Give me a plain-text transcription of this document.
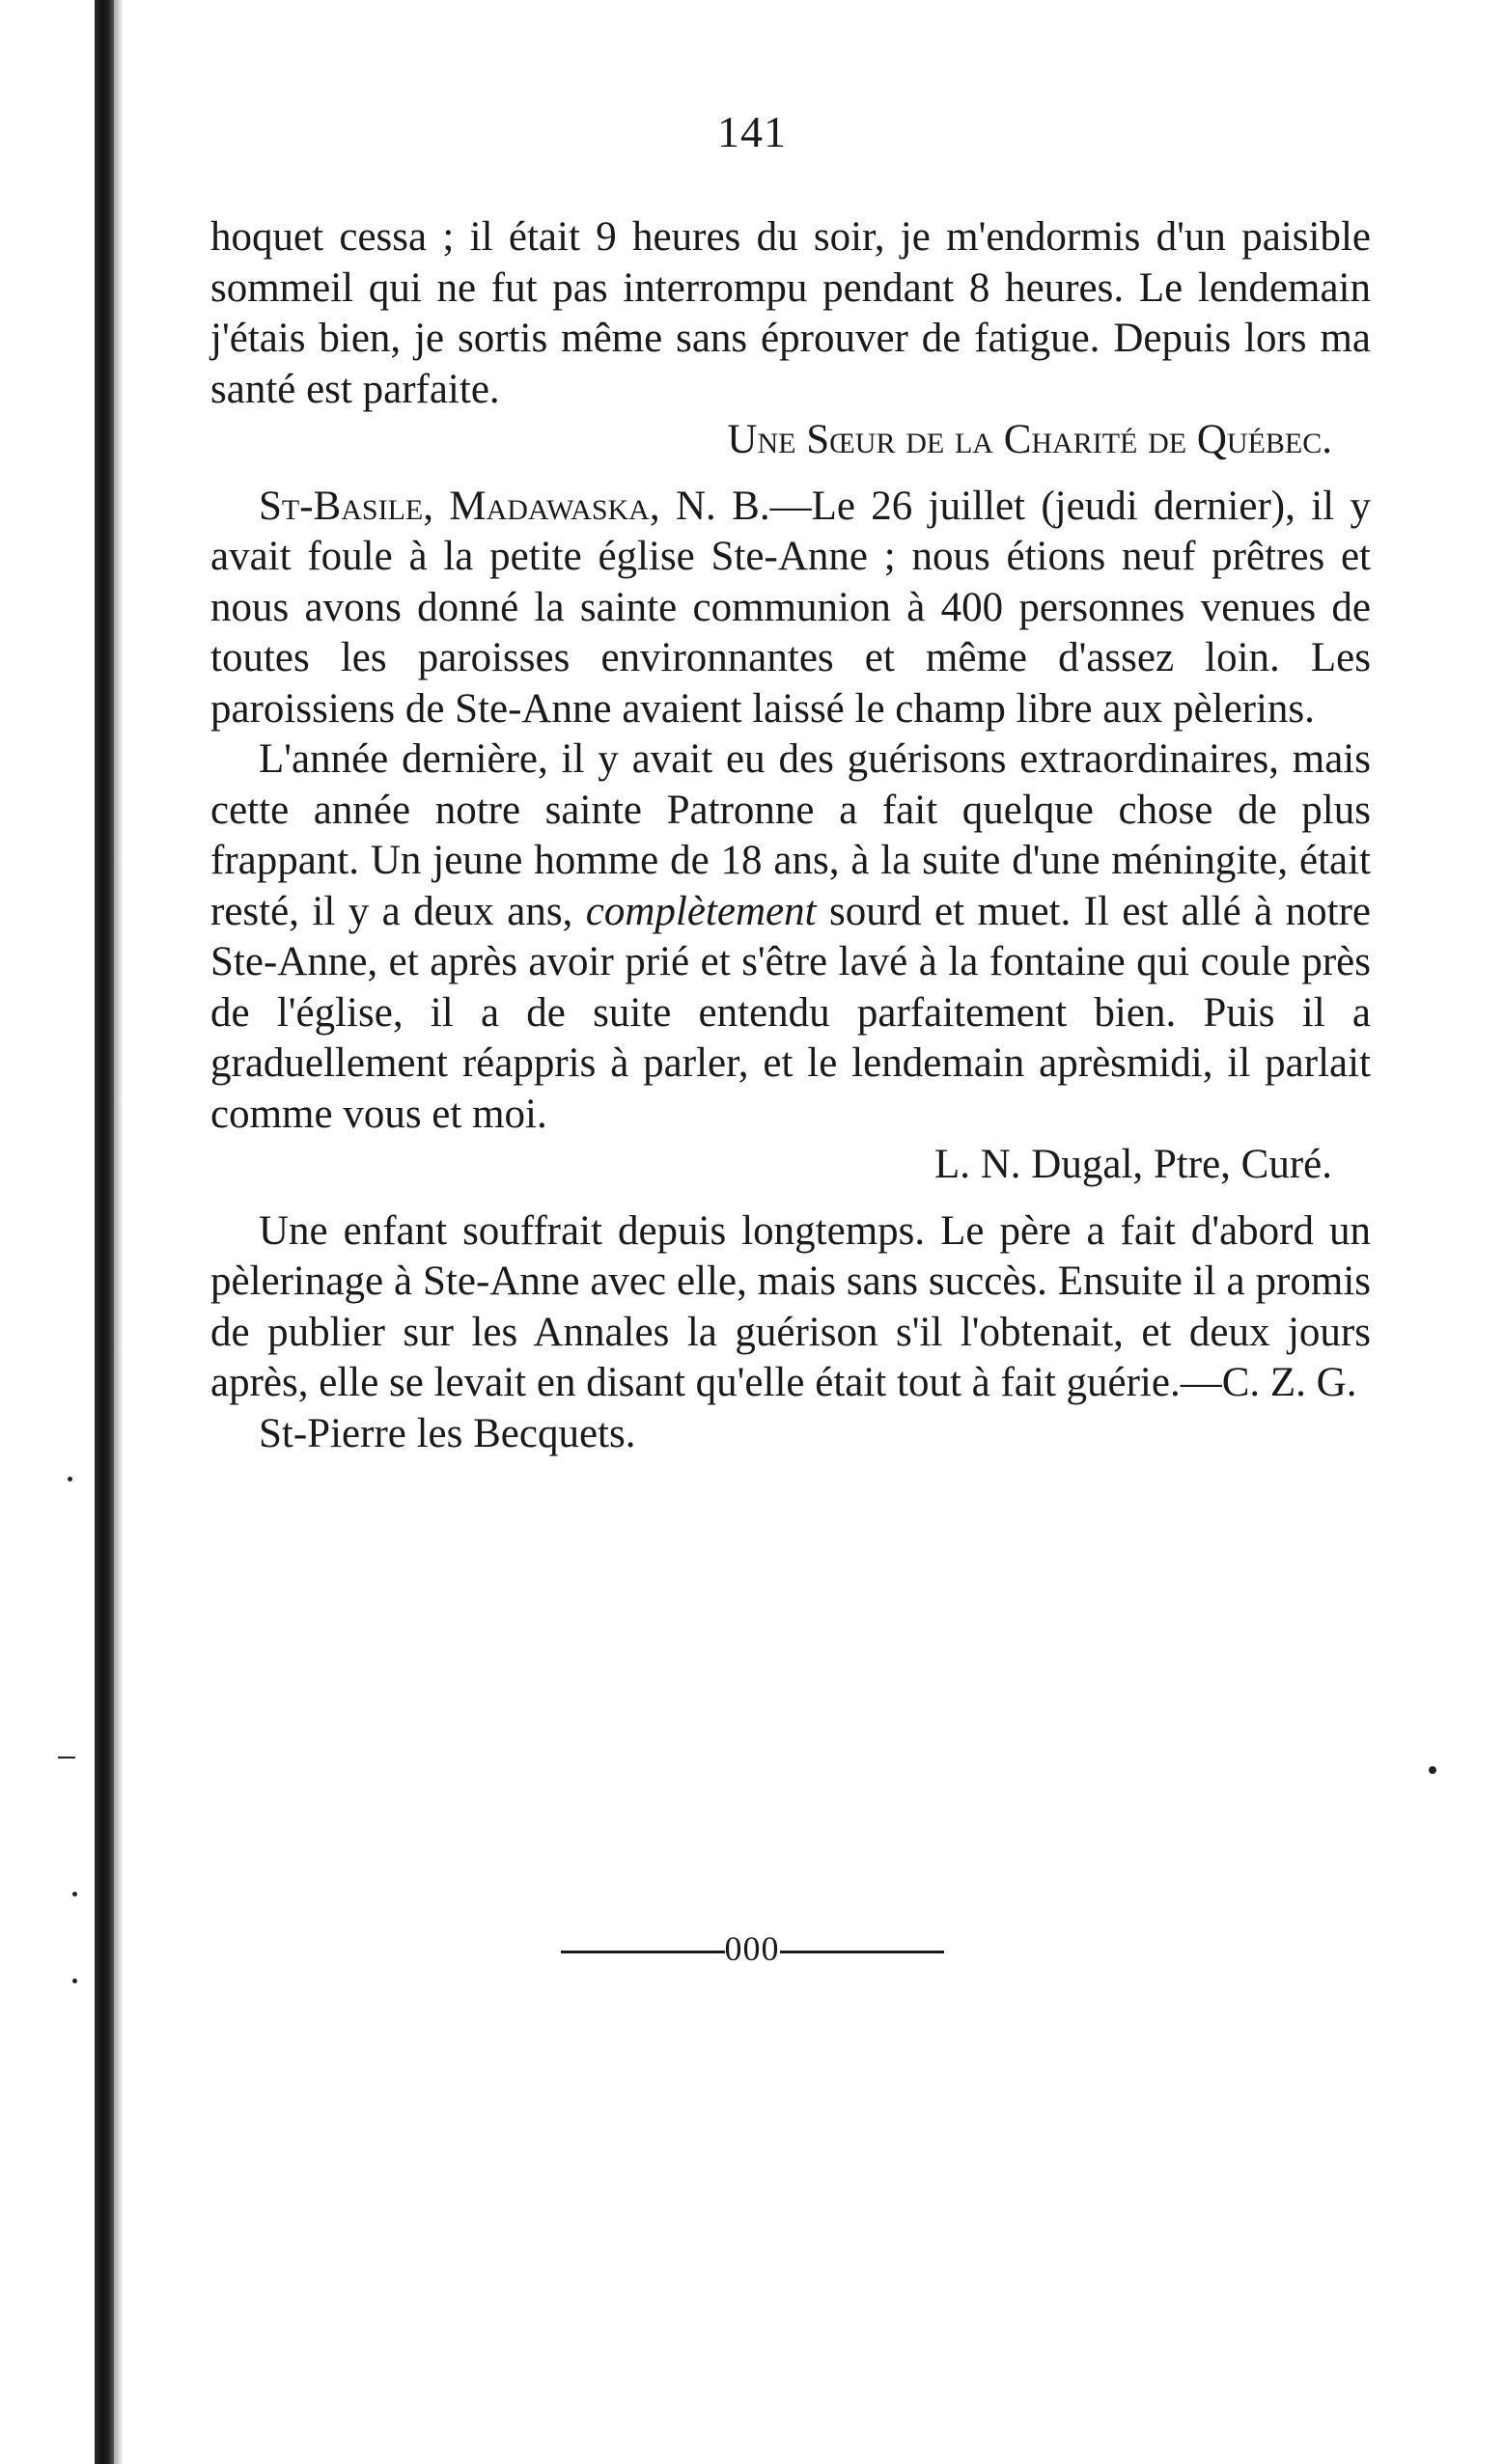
141

hoquet cessa ; il était 9 heures du soir, je m'endormis d'un paisible sommeil qui ne fut pas interrompu pendant 8 heures. Le lendemain j'étais bien, je sortis même sans éprouver de fatigue. Depuis lors ma santé est parfaite.

Une Sœur de la Charité de Québec.

St-Basile, Madawaska, N. B.—Le 26 juillet (jeudi dernier), il y avait foule à la petite église Ste-Anne ; nous étions neuf prêtres et nous avons donné la sainte communion à 400 personnes venues de toutes les paroisses environnantes et même d'assez loin. Les paroissiens de Ste-Anne avaient laissé le champ libre aux pèlerins.

L'année dernière, il y avait eu des guérisons extraordinaires, mais cette année notre sainte Patronne a fait quelque chose de plus frappant. Un jeune homme de 18 ans, à la suite d'une méningite, était resté, il y a deux ans, complètement sourd et muet. Il est allé à notre Ste-Anne, et après avoir prié et s'être lavé à la fontaine qui coule près de l'église, il a de suite entendu parfaitement bien. Puis il a graduellement réappris à parler, et le lendemain aprèsmidi, il parlait comme vous et moi.

L. N. Dugal, Ptre, Curé.

Une enfant souffrait depuis longtemps. Le père a fait d'abord un pèlerinage à Ste-Anne avec elle, mais sans succès. Ensuite il a promis de publier sur les Annales la guérison s'il l'obtenait, et deux jours après, elle se levait en disant qu'elle était tout à fait guérie.—C. Z. G.

St-Pierre les Becquets.

000
